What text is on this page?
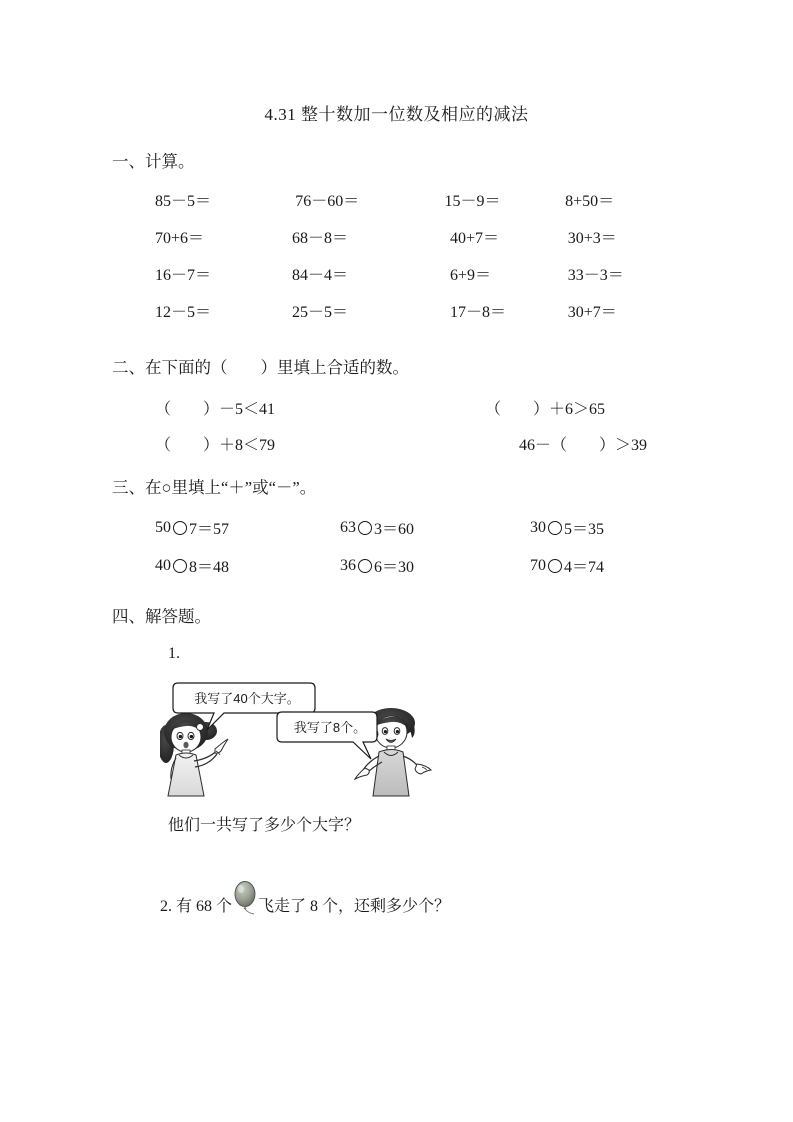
4.31 整十数加一位数及相应的减法
一、计算。
85－5＝	76－60＝	15－9＝	8+50＝
70+6＝	68－8＝	40+7＝	30+3＝
16－7＝	84－4＝	6+9＝	33－3＝
12－5＝	25－5＝	17－8＝	30+7＝
二、在下面的（        ）里填上合适的数。
（        ）－5＜41	（        ）＋6＞65
（        ）＋8＜79	46－（        ）＞39
三、在○里填上“＋”或“－”。
50 7＝57	63 3＝60	30 5＝35
40 8＝48	36 6＝30	70 4＝74
四、解答题。
1.
我写了40个大字。
我写了8个。
他们一共写了多少个大字？
2. 有 68 个

飞走了 8 个，还剩多少个？
